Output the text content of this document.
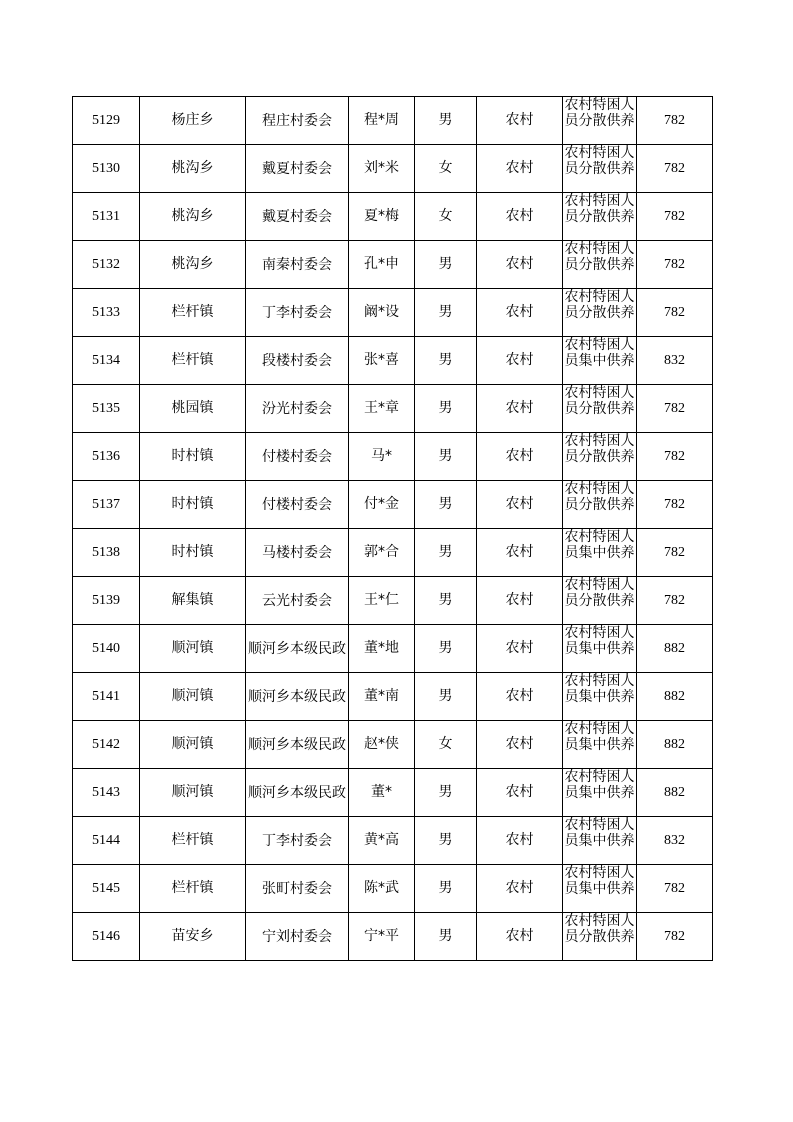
5129	杨庄乡	程庄村委会	程*周	男	农村	农村特困人员分散供养	782
5130	桃沟乡	戴夏村委会	刘*米	女	农村	农村特困人员分散供养	782
5131	桃沟乡	戴夏村委会	夏*梅	女	农村	农村特困人员分散供养	782
5132	桃沟乡	南秦村委会	孔*申	男	农村	农村特困人员分散供养	782
5133	栏杆镇	丁李村委会	阚*设	男	农村	农村特困人员分散供养	782
5134	栏杆镇	段楼村委会	张*喜	男	农村	农村特困人员集中供养	832
5135	桃园镇	汾光村委会	王*章	男	农村	农村特困人员分散供养	782
5136	时村镇	付楼村委会	马*	男	农村	农村特困人员分散供养	782
5137	时村镇	付楼村委会	付*金	男	农村	农村特困人员分散供养	782
5138	时村镇	马楼村委会	郭*合	男	农村	农村特困人员集中供养	782
5139	解集镇	云光村委会	王*仁	男	农村	农村特困人员分散供养	782
5140	顺河镇	顺河乡本级民政	董*地	男	农村	农村特困人员集中供养	882
5141	顺河镇	顺河乡本级民政	董*南	男	农村	农村特困人员集中供养	882
5142	顺河镇	顺河乡本级民政	赵*侠	女	农村	农村特困人员集中供养	882
5143	顺河镇	顺河乡本级民政	董*	男	农村	农村特困人员集中供养	882
5144	栏杆镇	丁李村委会	黄*高	男	农村	农村特困人员集中供养	832
5145	栏杆镇	张町村委会	陈*武	男	农村	农村特困人员集中供养	782
5146	苗安乡	宁刘村委会	宁*平	男	农村	农村特困人员分散供养	782
